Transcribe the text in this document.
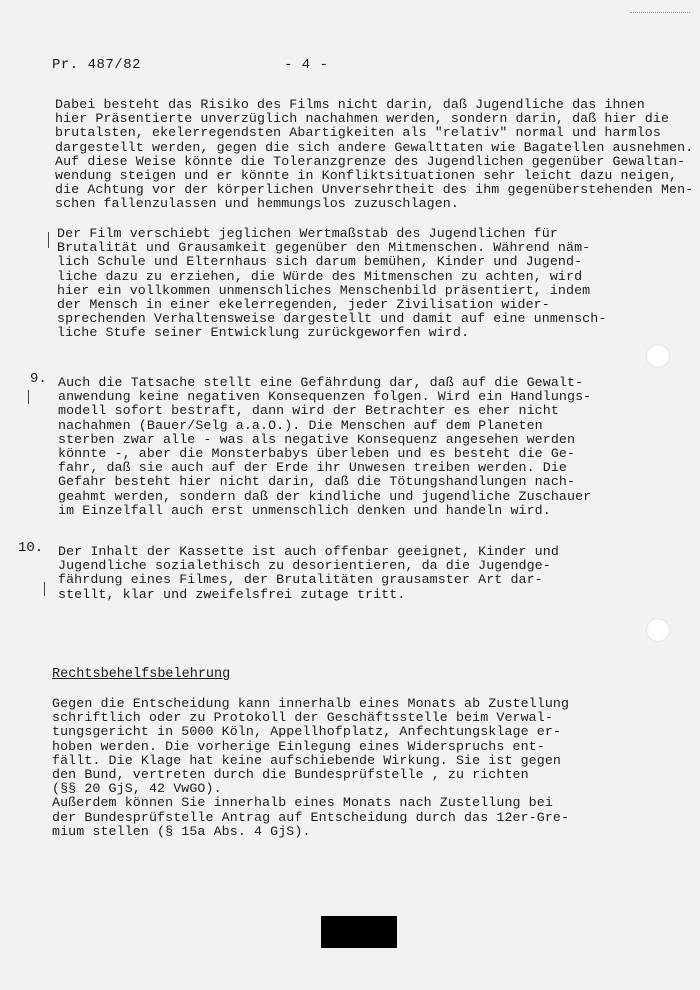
Pr. 487/82	- 4 -

Dabei besteht das Risiko des Films nicht darin, daß Jugendliche das ihnen

hier Präsentierte unverzüglich nachahmen werden, sondern darin, daß hier die

brutalsten, ekelerregendsten Abartigkeiten als "relativ" normal und harmlos

dargestellt werden, gegen die sich andere Gewalttaten wie Bagatellen ausnehmen.

Auf diese Weise könnte die Toleranzgrenze des Jugendlichen gegenüber Gewaltan-

wendung steigen und er könnte in Konfliktsituationen sehr leicht dazu neigen,

die Achtung vor der körperlichen Unversehrtheit des ihm gegenüberstehenden Men-

schen fallenzulassen und hemmungslos zuzuschlagen.

Der Film verschiebt jeglichen Wertmaßstab des Jugendlichen für

Brutalität und Grausamkeit gegenüber den Mitmenschen. Während näm-

lich Schule und Elternhaus sich darum bemühen, Kinder und Jugend-

liche dazu zu erziehen, die Würde des Mitmenschen zu achten, wird

hier ein vollkommen unmenschliches Menschenbild präsentiert, indem

der Mensch in einer ekelerregenden, jeder Zivilisation wider-

sprechenden Verhaltensweise dargestellt und damit auf eine unmensch-

liche Stufe seiner Entwicklung zurückgeworfen wird.

9. Auch die Tatsache stellt eine Gefährdung dar, daß auf die Gewalt-

anwendung keine negativen Konsequenzen folgen. Wird ein Handlungs-

modell sofort bestraft, dann wird der Betrachter es eher nicht

nachahmen (Bauer/Selg a.a.O.). Die Menschen auf dem Planeten

sterben zwar alle - was als negative Konsequenz angesehen werden

könnte -, aber die Monsterbabys überleben und es besteht die Ge-

fahr, daß sie auch auf der Erde ihr Unwesen treiben werden. Die

Gefahr besteht hier nicht darin, daß die Tötungshandlungen nach-

geahmt werden, sondern daß der kindliche und jugendliche Zuschauer

im Einzelfall auch erst unmenschlich denken und handeln wird.

10. Der Inhalt der Kassette ist auch offenbar geeignet, Kinder und

Jugendliche sozialethisch zu desorientieren, da die Jugendge-

fährdung eines Filmes, der Brutalitäten grausamster Art dar-

stellt, klar und zweifelsfrei zutage tritt.

Rechtsbehelfsbelehrung

Gegen die Entscheidung kann innerhalb eines Monats ab Zustellung

schriftlich oder zu Protokoll der Geschäftsstelle beim Verwal-

tungsgericht in 5000 Köln, Appellhofplatz, Anfechtungsklage er-

hoben werden. Die vorherige Einlegung eines Widerspruchs ent-

fällt. Die Klage hat keine aufschiebende Wirkung. Sie ist gegen

den Bund, vertreten durch die Bundesprüfstelle , zu richten

(§§ 20 GjS, 42 VwGO).

Außerdem können Sie innerhalb eines Monats nach Zustellung bei

der Bundesprüfstelle Antrag auf Entscheidung durch das 12er-Gre-

mium stellen (§ 15a Abs. 4 GjS).
